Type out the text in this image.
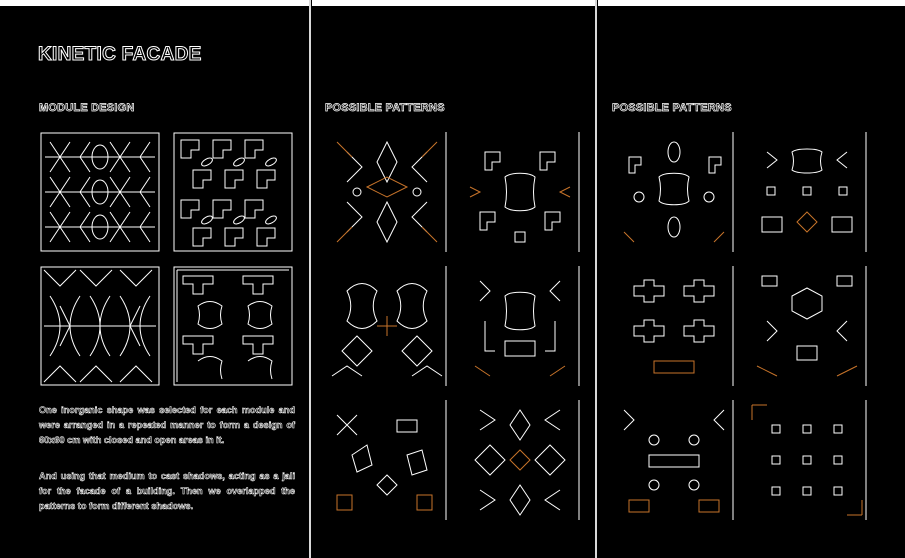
KINETIC FACADE
MODULE DESIGN	POSSIBLE PATTERNS	POSSIBLE PATTERNS

One inorganic shape was selected for each module and were arranged in a repeated manner to form a design of 60x60 cm with closed and open areas in it.

And using that medium to cast shadows, acting as a jali for the facade of a building. Then we overlapped the patterns to form different shadows.
